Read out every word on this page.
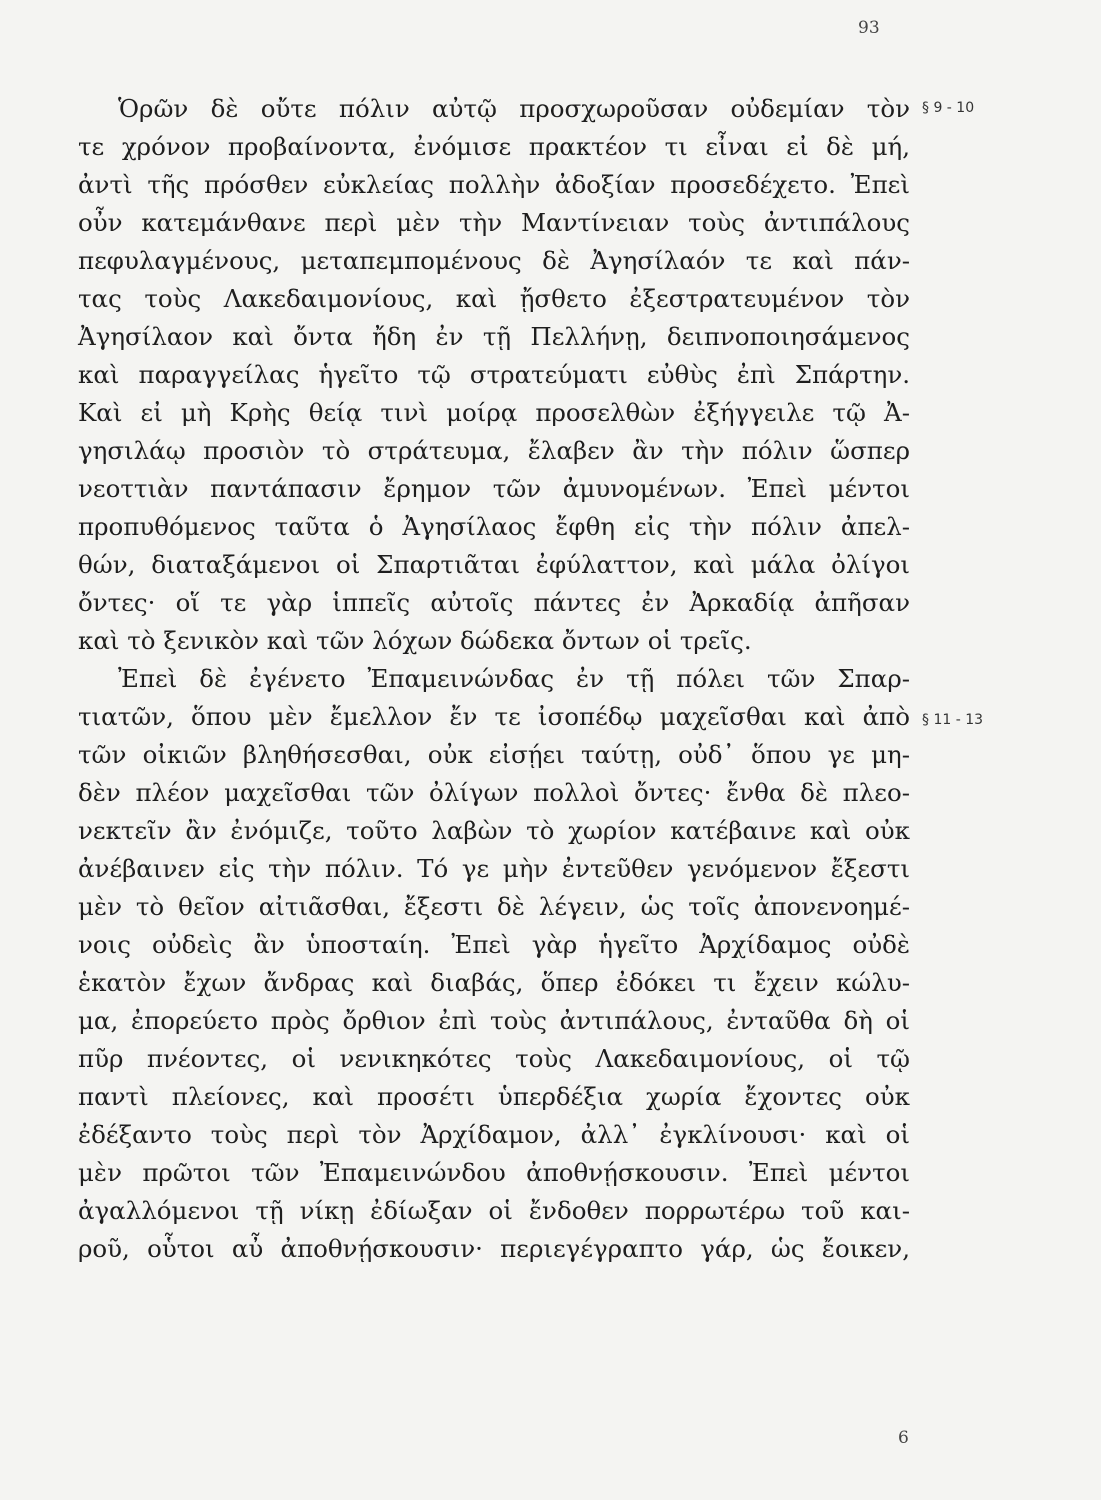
93
§ 9 - 10
§ 11 - 13
Ὁρῶν δὲ οὔτε πόλιν αὐτῷ προσχωροῦσαν οὐδεμίαν τὸν
τε χρόνον προβαίνοντα, ἐνόμισε πρακτέον τι εἶναι εἰ δὲ μή,
ἀντὶ τῆς πρόσθεν εὐκλείας πολλὴν ἀδοξίαν προσεδέχετο. Ἐπεὶ
οὖν κατεμάνθανε περὶ μὲν τὴν Μαντίνειαν τοὺς ἀντιπάλους
πεφυλαγμένους, μεταπεμπομένους δὲ Ἀγησίλαόν τε καὶ πάν-
τας τοὺς Λακεδαιμονίους, καὶ ᾔσθετο ἐξεστρατευμένον τὸν
Ἀγησίλαον καὶ ὄντα ἤδη ἐν τῇ Πελλήνῃ, δειπνοποιησάμενος
καὶ παραγγείλας ἡγεῖτο τῷ στρατεύματι εὐθὺς ἐπὶ Σπάρτην.
Καὶ εἰ μὴ Κρὴς θείᾳ τινὶ μοίρᾳ προσελθὼν ἐξήγγειλε τῷ Ἀ-
γησιλάῳ προσιὸν τὸ στράτευμα, ἔλαβεν ἂν τὴν πόλιν ὥσπερ
νεοττιὰν παντάπασιν ἔρημον τῶν ἀμυνομένων. Ἐπεὶ μέντοι
προπυθόμενος ταῦτα ὁ Ἀγησίλαος ἔφθη εἰς τὴν πόλιν ἀπελ-
θών, διαταξάμενοι οἱ Σπαρτιᾶται ἐφύλαττον, καὶ μάλα ὀλίγοι
ὄντες· οἵ τε γὰρ ἱππεῖς αὐτοῖς πάντες ἐν Ἀρκαδίᾳ ἀπῆσαν
καὶ τὸ ξενικὸν καὶ τῶν λόχων δώδεκα ὄντων οἱ τρεῖς.
Ἐπεὶ δὲ ἐγένετο Ἐπαμεινώνδας ἐν τῇ πόλει τῶν Σπαρ-
τιατῶν, ὅπου μὲν ἔμελλον ἔν τε ἰσοπέδῳ μαχεῖσθαι καὶ ἀπὸ
τῶν οἰκιῶν βληθήσεσθαι, οὐκ εἰσῄει ταύτῃ, οὐδ᾽ ὅπου γε μη-
δὲν πλέον μαχεῖσθαι τῶν ὀλίγων πολλοὶ ὄντες· ἔνθα δὲ πλεο-
νεκτεῖν ἂν ἐνόμιζε, τοῦτο λαβὼν τὸ χωρίον κατέβαινε καὶ οὐκ
ἀνέβαινεν εἰς τὴν πόλιν. Τό γε μὴν ἐντεῦθεν γενόμενον ἔξεστι
μὲν τὸ θεῖον αἰτιᾶσθαι, ἔξεστι δὲ λέγειν, ὡς τοῖς ἀπονενοημέ-
νοις οὐδεὶς ἂν ὑποσταίη. Ἐπεὶ γὰρ ἡγεῖτο Ἀρχίδαμος οὐδὲ
ἑκατὸν ἔχων ἄνδρας καὶ διαβάς, ὅπερ ἐδόκει τι ἔχειν κώλυ-
μα, ἐπορεύετο πρὸς ὄρθιον ἐπὶ τοὺς ἀντιπάλους, ἐνταῦθα δὴ οἱ
πῦρ πνέοντες, οἱ νενικηκότες τοὺς Λακεδαιμονίους, οἱ τῷ
παντὶ πλείονες, καὶ προσέτι ὑπερδέξια χωρία ἔχοντες οὐκ
ἐδέξαντο τοὺς περὶ τὸν Ἀρχίδαμον, ἀλλ᾽ ἐγκλίνουσι· καὶ οἱ
μὲν πρῶτοι τῶν Ἐπαμεινώνδου ἀποθνῄσκουσιν. Ἐπεὶ μέντοι
ἀγαλλόμενοι τῇ νίκῃ ἐδίωξαν οἱ ἔνδοθεν πορρωτέρω τοῦ και-
ροῦ, οὗτοι αὖ ἀποθνῄσκουσιν· περιεγέγραπτο γάρ, ὡς ἔοικεν,
6
